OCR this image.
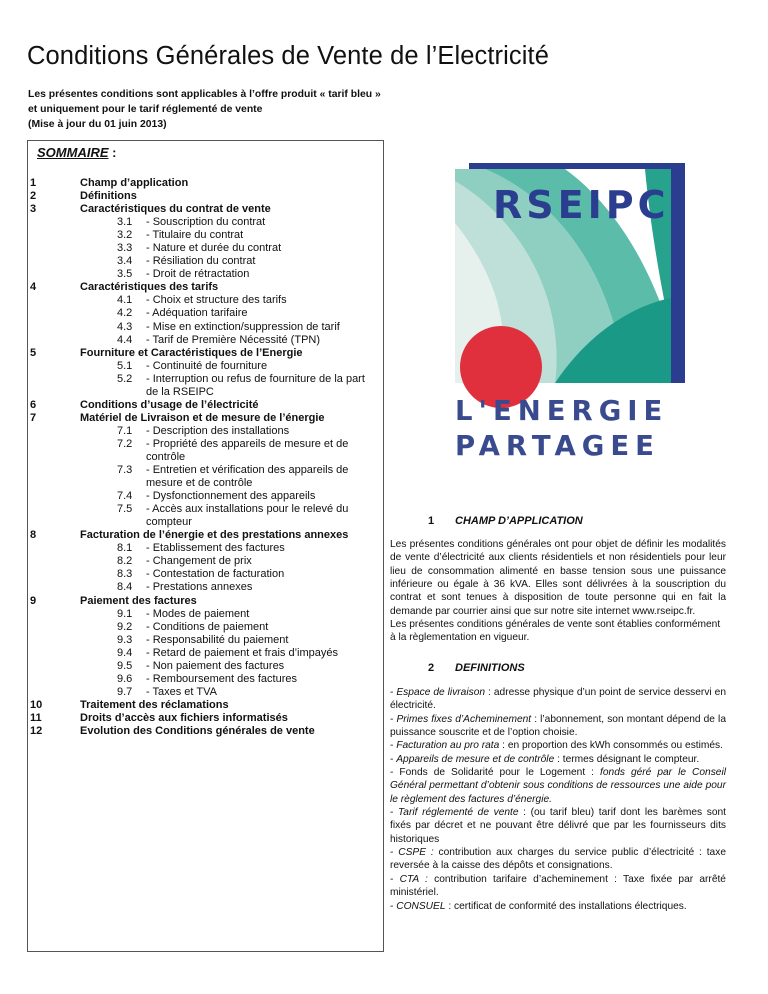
Conditions Générales de Vente de l’Electricité
Les présentes conditions sont applicables à l’offre produit « tarif bleu »
et uniquement pour le tarif réglementé de vente
(Mise à jour du 01 juin 2013)
SOMMAIRE :
1	Champ d’application
2	Définitions
3	Caractéristiques du contrat de vente
3.1	- Souscription du contrat
3.2	- Titulaire du contrat
3.3	- Nature et durée du contrat
3.4	- Résiliation du contrat
3.5	- Droit de rétractation
4	Caractéristiques des tarifs
4.1	- Choix et structure des tarifs
4.2	- Adéquation tarifaire
4.3	- Mise en extinction/suppression de tarif
4.4	- Tarif de Première Nécessité (TPN)
5	Fourniture et Caractéristiques de l’Energie
5.1	- Continuité de fourniture
5.2	- Interruption ou refus de fourniture de la part de la RSEIPC
6	Conditions d’usage de l’électricité
7	Matériel de Livraison et de mesure de l’énergie
7.1	- Description des installations
7.2	- Propriété des appareils de mesure et de contrôle
7.3	- Entretien et vérification des appareils de mesure et de contrôle
7.4	- Dysfonctionnement des appareils
7.5	- Accès aux installations pour le relevé du compteur
8	Facturation de l’énergie et des prestations annexes
8.1	- Etablissement des factures
8.2	- Changement de prix
8.3	- Contestation de facturation
8.4	- Prestations annexes
9	Paiement des factures
9.1	- Modes de paiement
9.2	- Conditions de paiement
9.3	- Responsabilité du paiement
9.4	- Retard de paiement et frais d’impayés
9.5	- Non paiement des factures
9.6	- Remboursement des factures
9.7	- Taxes et TVA
10	Traitement des réclamations
11	Droits d’accès aux fichiers informatisés
12	Evolution des Conditions générales de vente
RSEIPC
L'ENERGIE
PARTAGEE
1 CHAMP D’APPLICATION

Les présentes conditions générales ont pour objet de définir les modalités de vente d’électricité aux clients résidentiels et non résidentiels pour leur lieu de consommation alimenté en basse tension sous une puissance inférieure ou égale à 36 kVA. Elles sont délivrées à la souscription du contrat et sont tenues à disposition de toute personne qui en fait la demande par courrier ainsi que sur notre site internet www.rseipc.fr.

Les présentes conditions générales de vente sont établies conformément à la règlementation en vigueur.

2 DEFINITIONS

- Espace de livraison : adresse physique d’un point de service desservi en électricité.

- Primes fixes d’Acheminement : l’abonnement, son montant dépend de la puissance souscrite et de l’option choisie.

- Facturation au pro rata : en proportion des kWh consommés ou estimés.

- Appareils de mesure et de contrôle : termes désignant le compteur.

- Fonds de Solidarité pour le Logement : fonds géré par le Conseil Général permettant d’obtenir sous conditions de ressources une aide pour le règlement des factures d’énergie.

- Tarif réglementé de vente : (ou tarif bleu) tarif dont les barèmes sont fixés par décret et ne pouvant être délivré que par les fournisseurs dits historiques

- CSPE : contribution aux charges du service public d’électricité : taxe reversée à la caisse des dépôts et consignations.

- CTA : contribution tarifaire d’acheminement : Taxe fixée par arrêté ministériel.

- CONSUEL : certificat de conformité des installations électriques.
